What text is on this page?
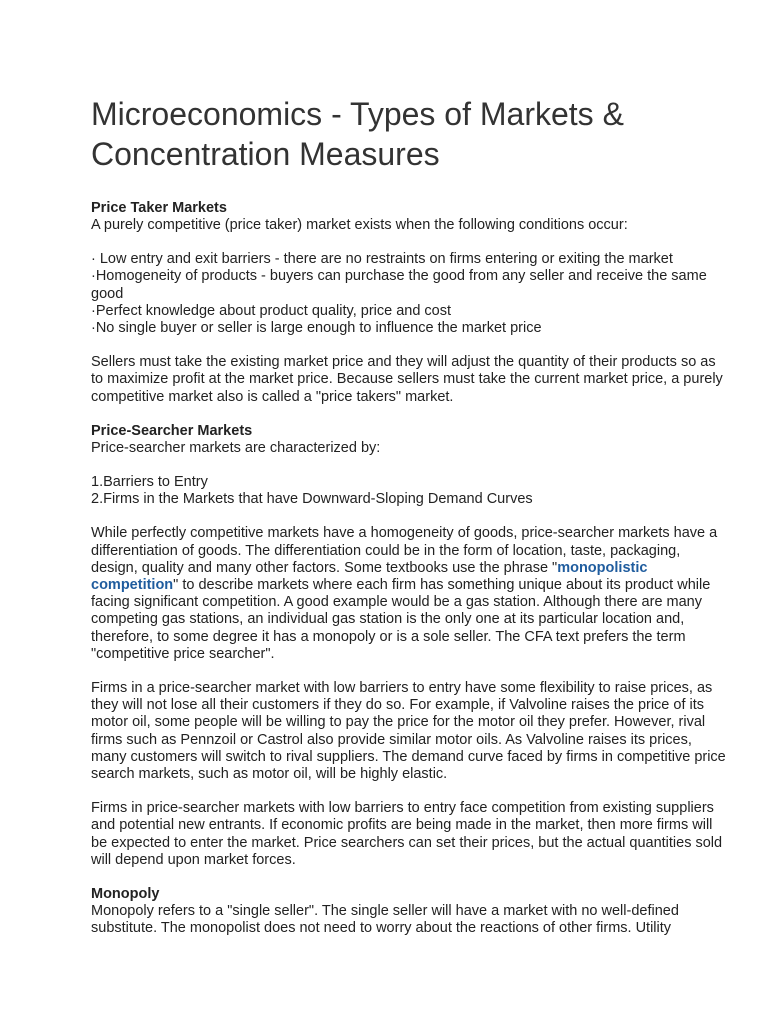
Microeconomics - Types of Markets & Concentration Measures
Price Taker Markets

A purely competitive (price taker) market exists when the following conditions occur:

· Low entry and exit barriers - there are no restraints on firms entering or exiting the market
·Homogeneity of products - buyers can purchase the good from any seller and receive the same good
·Perfect knowledge about product quality, price and cost
·No single buyer or seller is large enough to influence the market price

Sellers must take the existing market price and they will adjust the quantity of their products so as to maximize profit at the market price. Because sellers must take the current market price, a purely competitive market also is called a "price takers" market.

Price-Searcher Markets

Price-searcher markets are characterized by:

1.Barriers to Entry
2.Firms in the Markets that have Downward-Sloping Demand Curves

While perfectly competitive markets have a homogeneity of goods, price-searcher markets have a differentiation of goods. The differentiation could be in the form of location, taste, packaging, design, quality and many other factors. Some textbooks use the phrase "monopolistic competition" to describe markets where each firm has something unique about its product while facing significant competition. A good example would be a gas station. Although there are many competing gas stations, an individual gas station is the only one at its particular location and, therefore, to some degree it has a monopoly or is a sole seller. The CFA text prefers the term "competitive price searcher".

Firms in a price-searcher market with low barriers to entry have some flexibility to raise prices, as they will not lose all their customers if they do so. For example, if Valvoline raises the price of its motor oil, some people will be willing to pay the price for the motor oil they prefer. However, rival firms such as Pennzoil or Castrol also provide similar motor oils. As Valvoline raises its prices, many customers will switch to rival suppliers. The demand curve faced by firms in competitive price search markets, such as motor oil, will be highly elastic.

Firms in price-searcher markets with low barriers to entry face competition from existing suppliers and potential new entrants. If economic profits are being made in the market, then more firms will be expected to enter the market. Price searchers can set their prices, but the actual quantities sold will depend upon market forces.

Monopoly

Monopoly refers to a "single seller". The single seller will have a market with no well-defined substitute. The monopolist does not need to worry about the reactions of other firms. Utility
